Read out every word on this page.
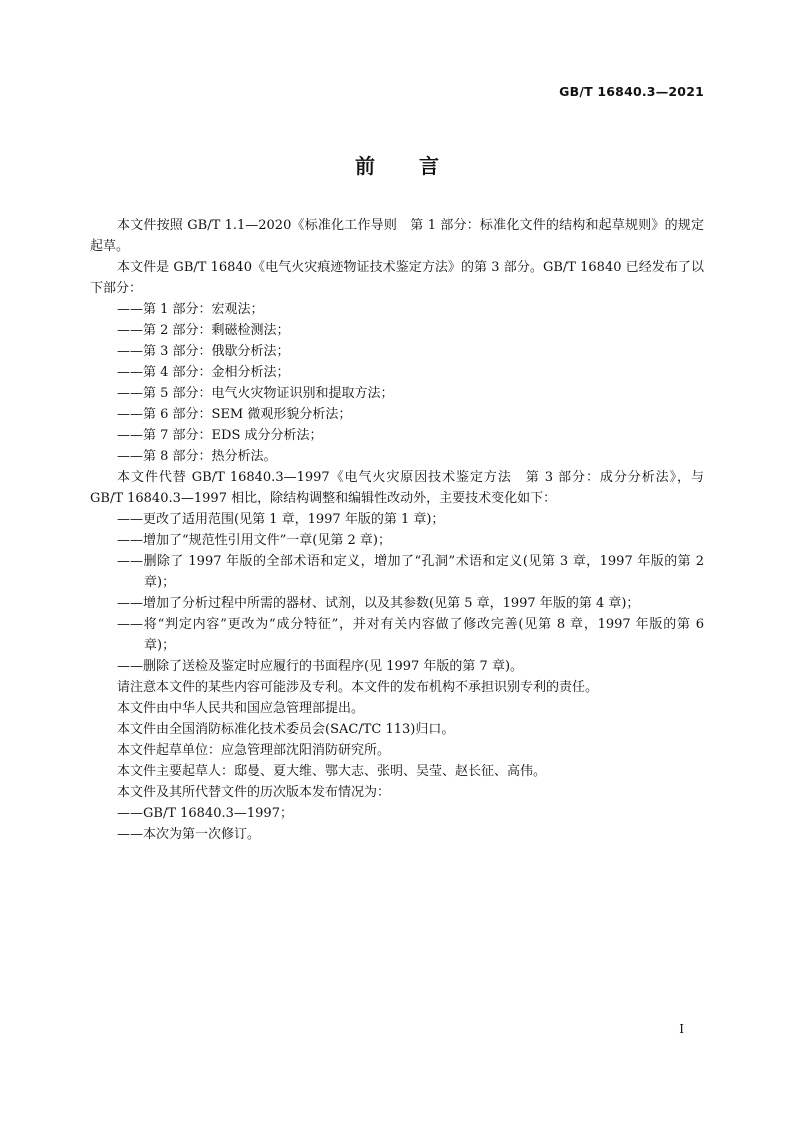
GB/T 16840.3—2021
前言
本文件按照 GB/T 1.1—2020《标准化工作导则　第 1 部分：标准化文件的结构和起草规则》的规定起草。
本文件是 GB/T 16840《电气火灾痕迹物证技术鉴定方法》的第 3 部分。GB/T 16840 已经发布了以下部分：
——第 1 部分：宏观法；
——第 2 部分：剩磁检测法；
——第 3 部分：俄歇分析法；
——第 4 部分：金相分析法；
——第 5 部分：电气火灾物证识别和提取方法；
——第 6 部分：SEM 微观形貌分析法；
——第 7 部分：EDS 成分分析法；
——第 8 部分：热分析法。
本文件代替 GB/T 16840.3—1997《电气火灾原因技术鉴定方法　第 3 部分：成分分析法》，与 GB/T 16840.3—1997 相比，除结构调整和编辑性改动外，主要技术变化如下：
——更改了适用范围(见第 1 章，1997 年版的第 1 章)；
——增加了“规范性引用文件”一章(见第 2 章)；
——删除了 1997 年版的全部术语和定义，增加了“孔洞”术语和定义(见第 3 章，1997 年版的第 2 章)；
——增加了分析过程中所需的器材、试剂，以及其参数(见第 5 章，1997 年版的第 4 章)；
——将“判定内容”更改为“成分特征”，并对有关内容做了修改完善(见第 8 章，1997 年版的第 6 章)；
——删除了送检及鉴定时应履行的书面程序(见 1997 年版的第 7 章)。
请注意本文件的某些内容可能涉及专利。本文件的发布机构不承担识别专利的责任。
本文件由中华人民共和国应急管理部提出。
本文件由全国消防标准化技术委员会(SAC/TC 113)归口。
本文件起草单位：应急管理部沈阳消防研究所。
本文件主要起草人：邸曼、夏大维、鄂大志、张明、吴莹、赵长征、高伟。
本文件及其所代替文件的历次版本发布情况为：
——GB/T 16840.3—1997；
——本次为第一次修订。
I
